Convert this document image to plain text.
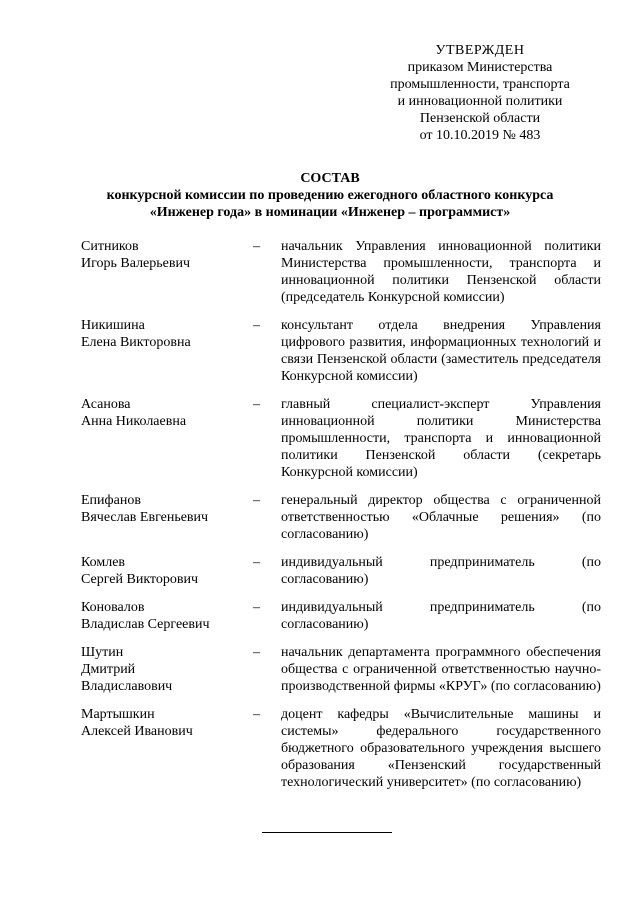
УТВЕРЖДЕН
приказом Министерства
промышленности, транспорта
и инновационной политики
Пензенской области
от 10.10.2019 № 483
СОСТАВ
конкурсной комиссии по проведению ежегодного областного конкурса
«Инженер года» в номинации «Инженер – программист»
Ситников
Игорь Валерьевич
–	начальник Управления инновационной политики Министерства промышленности, транспорта и инновационной политики Пензенской области (председатель Конкурсной комиссии)
Никишина
Елена Викторовна
–	консультант отдела внедрения Управления цифрового развития, информационных технологий и связи Пензенской области (заместитель председателя Конкурсной комиссии)
Асанова
Анна Николаевна
–	главный специалист-эксперт Управления инновационной политики Министерства промышленности, транспорта и инновационной политики Пензенской области (секретарь Конкурсной комиссии)
Епифанов
Вячеслав Евгеньевич
–	генеральный директор общества с ограниченной ответственностью «Облачные решения» (по согласованию)
Комлев
Сергей Викторович
–	индивидуальный предприниматель (по согласованию)
Коновалов
Владислав Сергеевич
–	индивидуальный предприниматель (по согласованию)
Шутин
Дмитрий
Владиславович
–	начальник департамента программного обеспечения общества с ограниченной ответственностью научно-производственной фирмы «КРУГ» (по согласованию)
Мартышкин
Алексей Иванович
–	доцент кафедры «Вычислительные машины и системы» федерального государственного бюджетного образовательного учреждения высшего образования «Пензенский государственный технологический университет» (по согласованию)
